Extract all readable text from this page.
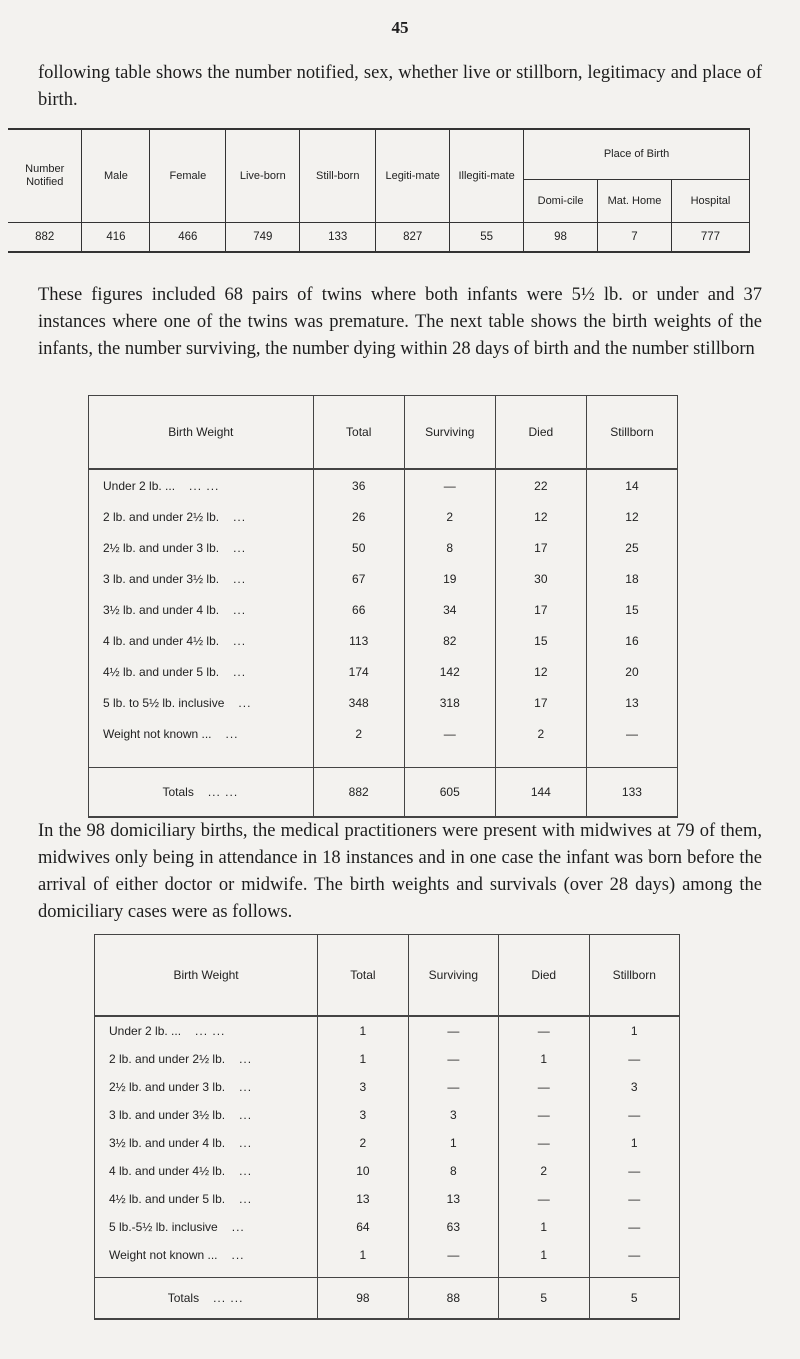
45

following table shows the number notified, sex, whether live or stillborn, legitimacy and place of birth.

Number Notified	Male	Female	Live-born	Still-born	Legiti-mate	Illegiti-mate	Place of Birth		
							Domi-cile	Mat. Home	Hospital
882	416	466	749	133	827	55	98	7	777

These figures included 68 pairs of twins where both infants were 5½ lb. or under and 37 instances where one of the twins was premature. The next table shows the birth weights of the infants, the number surviving, the number dying within 28 days of birth and the number stillborn

Birth Weight	Total	Surviving	Died	Stillborn
Under 2 lb. ... ... ...	36	—	22	14
2 lb. and under 2½ lb. ...	26	2	12	12
2½ lb. and under 3 lb. ...	50	8	17	25
3 lb. and under 3½ lb. ...	67	19	30	18
3½ lb. and under 4 lb. ...	66	34	17	15
4 lb. and under 4½ lb. ...	113	82	15	16
4½ lb. and under 5 lb. ...	174	142	12	20
5 lb. to 5½ lb. inclusive ...	348	318	17	13
Weight not known ... ...	2	—	2	—

Totals ... ...	882	605	144	133

In the 98 domiciliary births, the medical practitioners were present with midwives at 79 of them, midwives only being in attendance in 18 instances and in one case the infant was born before the arrival of either doctor or midwife. The birth weights and survivals (over 28 days) among the domiciliary cases were as follows.

Birth Weight	Total	Surviving	Died	Stillborn
Under 2 lb. ... ... ...	1	—	—	1
2 lb. and under 2½ lb. ...	1	—	1	—
2½ lb. and under 3 lb. ...	3	—	—	3
3 lb. and under 3½ lb. ...	3	3	—	—
3½ lb. and under 4 lb. ...	2	1	—	1
4 lb. and under 4½ lb. ...	10	8	2	—
4½ lb. and under 5 lb. ...	13	13	—	—
5 lb.-5½ lb. inclusive ...	64	63	1	—
Weight not known ... ...	1	—	1	—

Totals ... ...	98	88	5	5
